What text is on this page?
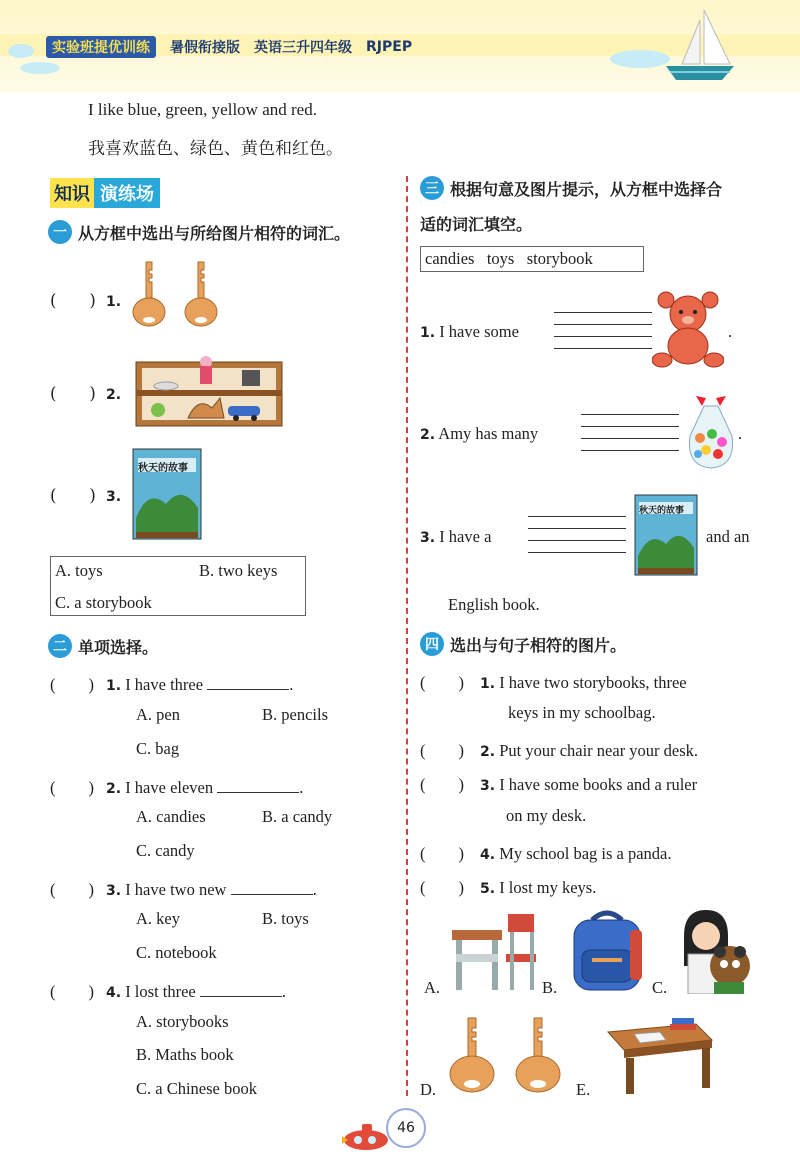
实验班提优训练	暑假衔接版 英语三升四年级 RJPEP
I like blue, green, yellow and red.
我喜欢蓝色、绿色、黄色和红色。
知识 演练场
一 从方框中选出与所给图片相符的词汇。
(　　) 1.
(　　) 2.
(　　) 3.
秋天的故事
A. toys	B. two keys
C. a storybook
二 单项选择。
(　　) 1. I have three	.
A. pen	B. pencils
C. bag
(　　) 2. I have eleven	.
A. candies	B. a candy
C. candy
(　　) 3. I have two new	.
A. key	B. toys
C. notebook
(　　) 4. I lost three	.
A. storybooks
B. Maths book
C. a Chinese book
三 根据句意及图片提示，从方框中选择合
适的词汇填空。
candies   toys   storybook
1. I have some	.
2. Amy has many	.
3. I have a
秋天的故事
and an
English book.
四 选出与句子相符的图片。
(　　) 1. I have two storybooks, three
keys in my schoolbag.
(　　) 2. Put your chair near your desk.
(　　) 3. I have some books and a ruler
on my desk.
(　　) 4. My school bag is a panda.
(　　) 5. I lost my keys.
A.	B.	C.
D.	E.
46
